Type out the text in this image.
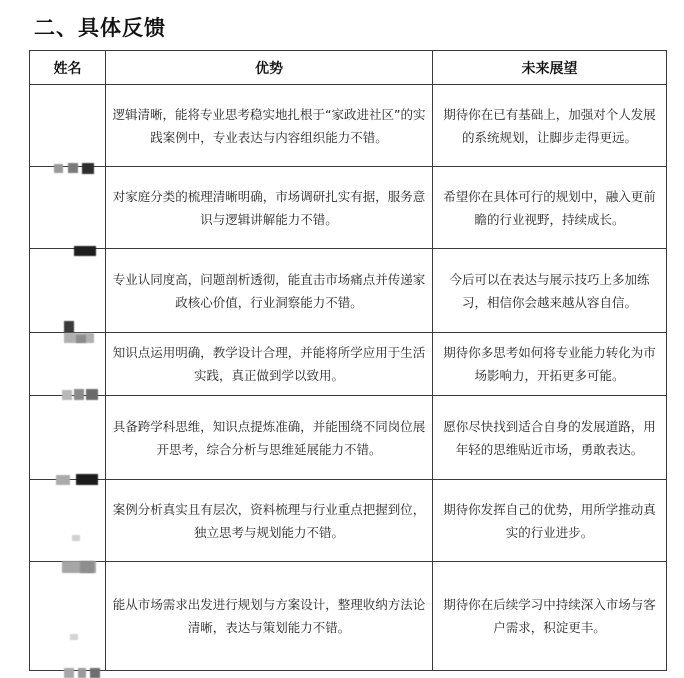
二、具体反馈
姓名	优势	未来展望

	逻辑清晰，能将专业思考稳实地扎根于“家政进社区”的实践案例中，专业表达与内容组织能力不错。	期待你在已有基础上，加强对个人发展的系统规划，让脚步走得更远。

	对家庭分类的梳理清晰明确，市场调研扎实有据，服务意识与逻辑讲解能力不错。	希望你在具体可行的规划中，融入更前瞻的行业视野，持续成长。

	专业认同度高，问题剖析透彻，能直击市场痛点并传递家政核心价值，行业洞察能力不错。	今后可以在表达与展示技巧上多加练习，相信你会越来越从容自信。

	知识点运用明确，教学设计合理，并能将所学应用于生活实践，真正做到学以致用。	期待你多思考如何将专业能力转化为市场影响力，开拓更多可能。

	具备跨学科思维，知识点提炼准确，并能围绕不同岗位展开思考，综合分析与思维延展能力不错。	愿你尽快找到适合自身的发展道路，用年轻的思维贴近市场，勇敢表达。

	案例分析真实且有层次，资料梳理与行业重点把握到位，独立思考与规划能力不错。	期待你发挥自己的优势，用所学推动真实的行业进步。

	能从市场需求出发进行规划与方案设计，整理收纳方法论清晰，表达与策划能力不错。	期待你在后续学习中持续深入市场与客户需求，积淀更丰。
